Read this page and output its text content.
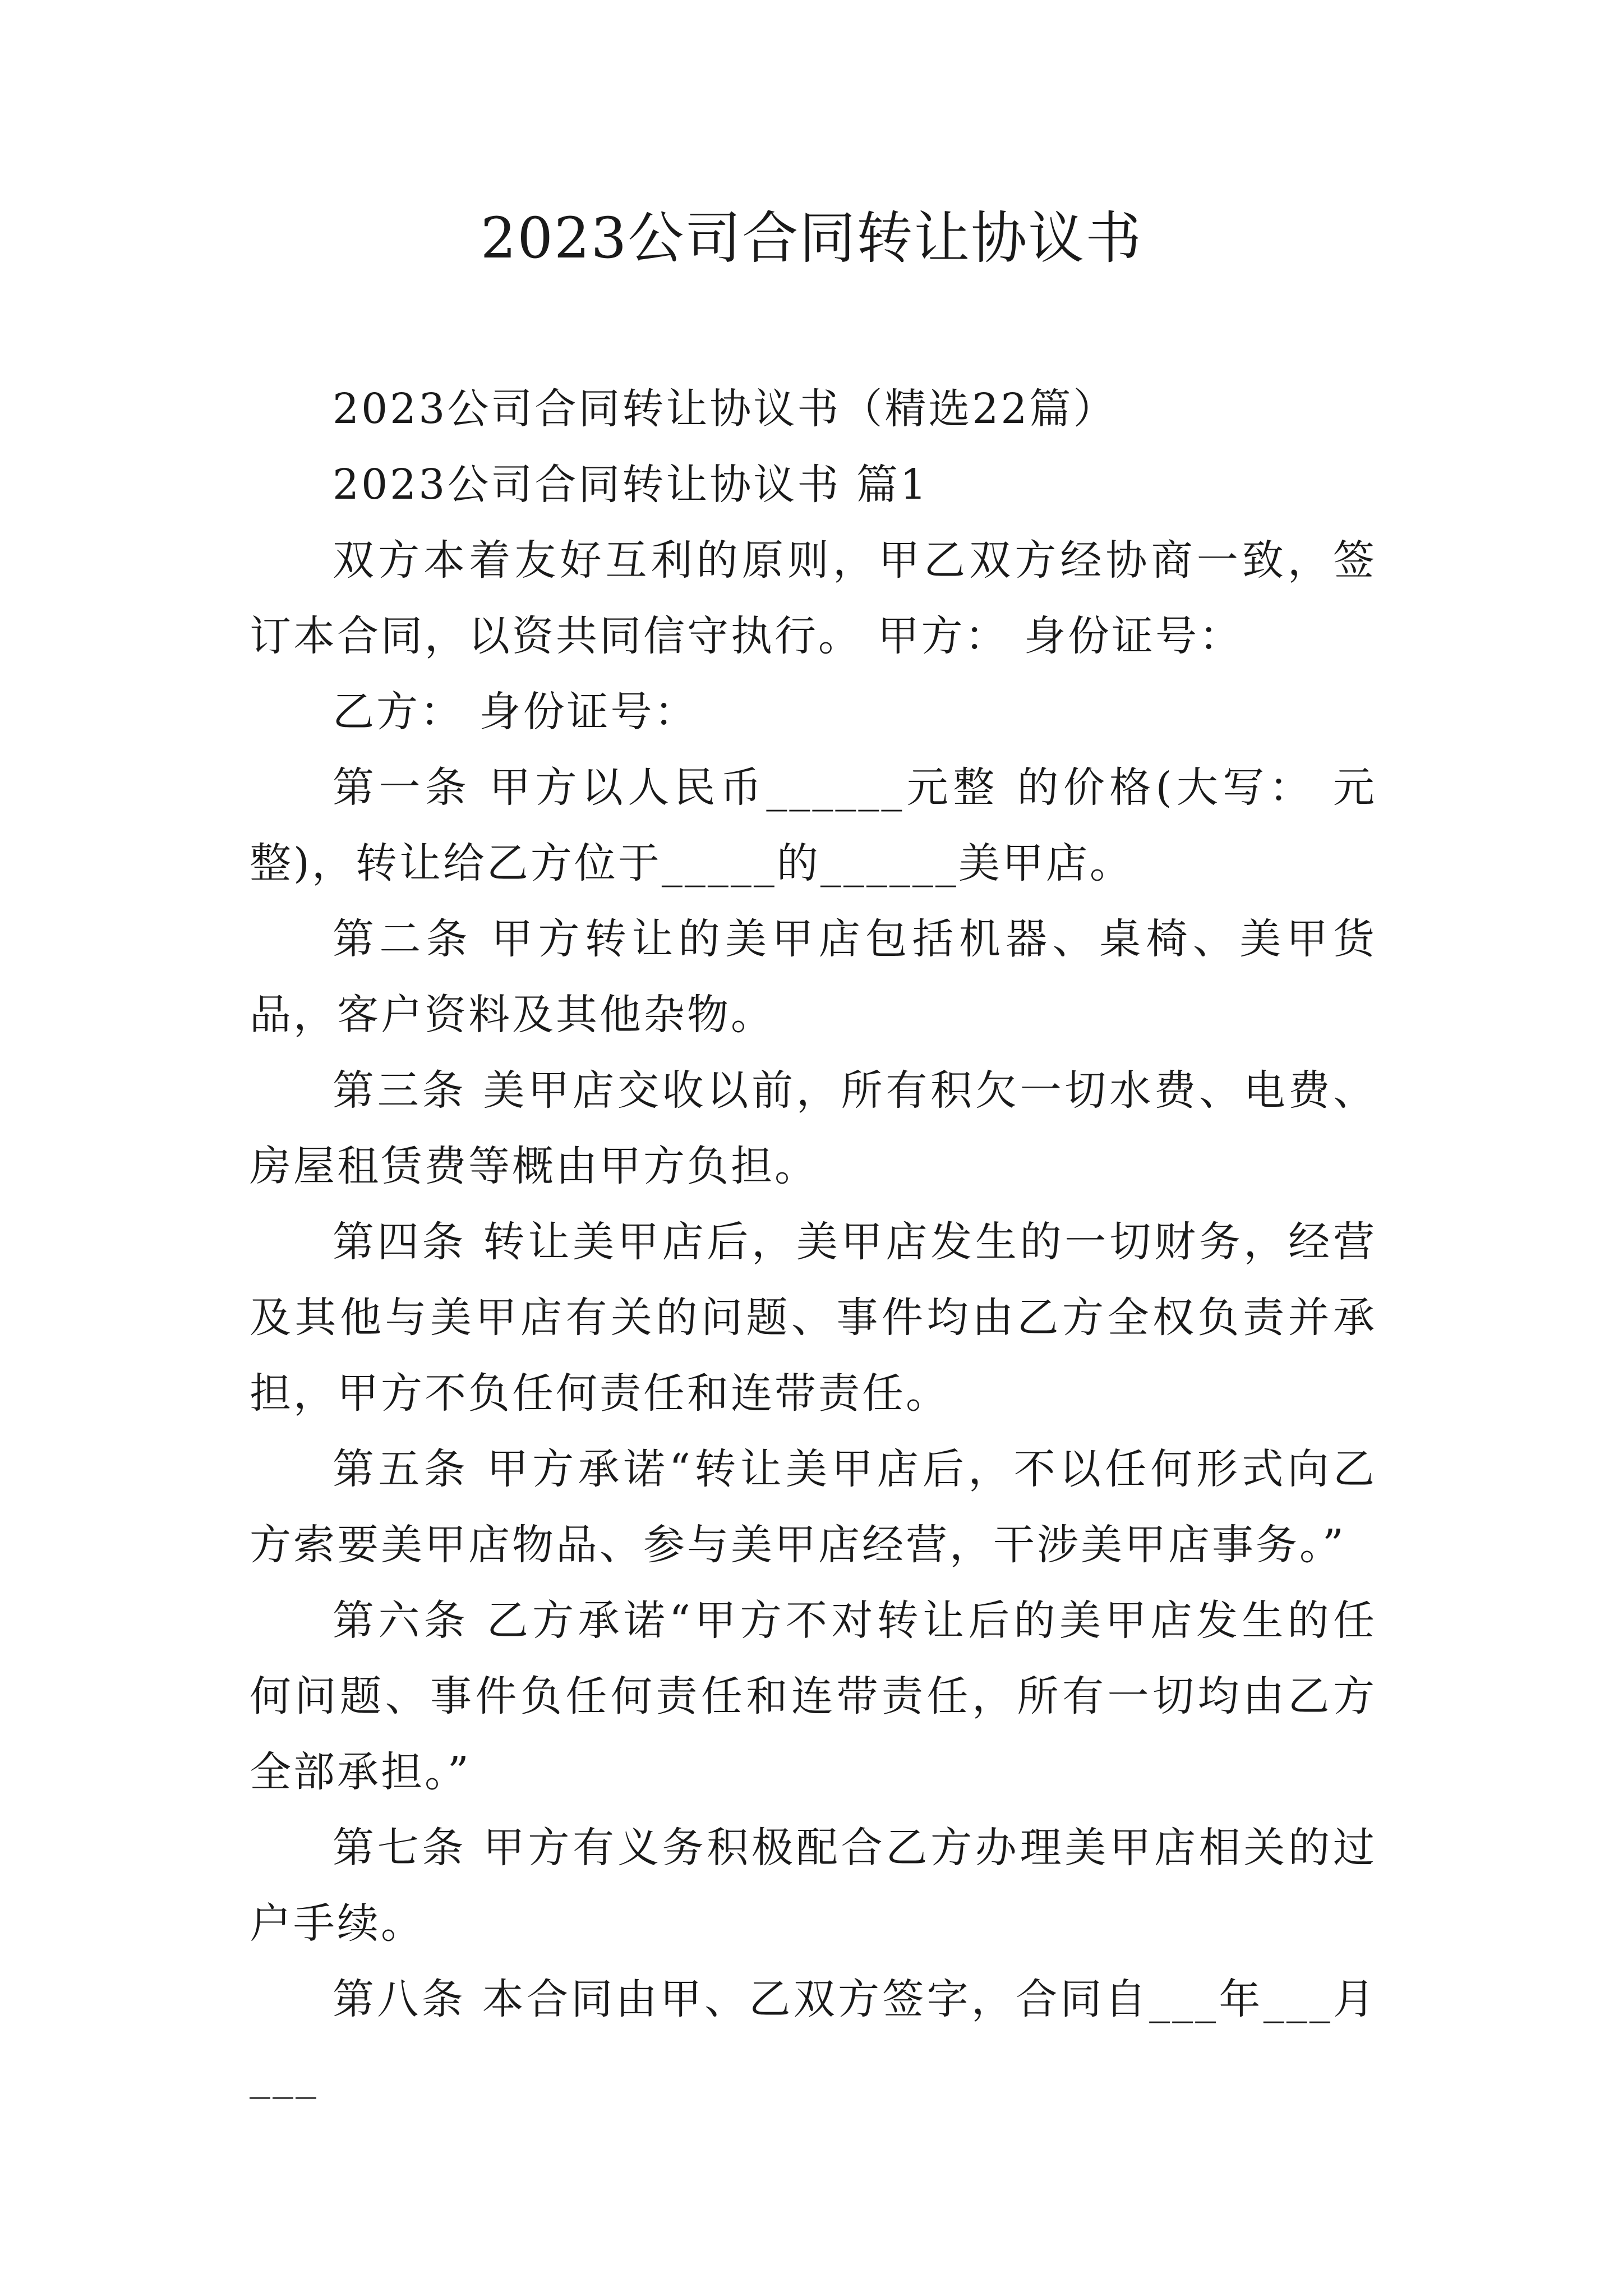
2023公司合同转让协议书

2023公司合同转让协议书（精选22篇）

2023公司合同转让协议书 篇1

双方本着友好互利的原则，甲乙双方经协商一致，签订本合同，以资共同信守执行。 甲方： 身份证号：

乙方： 身份证号：

第一条 甲方以人民币______元整 的价格(大写： 元整)，转让给乙方位于_____的______美甲店。

第二条 甲方转让的美甲店包括机器、桌椅、美甲货品，客户资料及其他杂物。

第三条 美甲店交收以前，所有积欠一切水费、电费、房屋租赁费等概由甲方负担。

第四条 转让美甲店后，美甲店发生的一切财务，经营及其他与美甲店有关的问题、事件均由乙方全权负责并承担，甲方不负任何责任和连带责任。

第五条 甲方承诺“转让美甲店后，不以任何形式向乙方索要美甲店物品、参与美甲店经营，干涉美甲店事务。”

第六条 乙方承诺“甲方不对转让后的美甲店发生的任何问题、事件负任何责任和连带责任，所有一切均由乙方全部承担。”

第七条 甲方有义务积极配合乙方办理美甲店相关的过户手续。

第八条 本合同由甲、乙双方签字，合同自___年___月___
